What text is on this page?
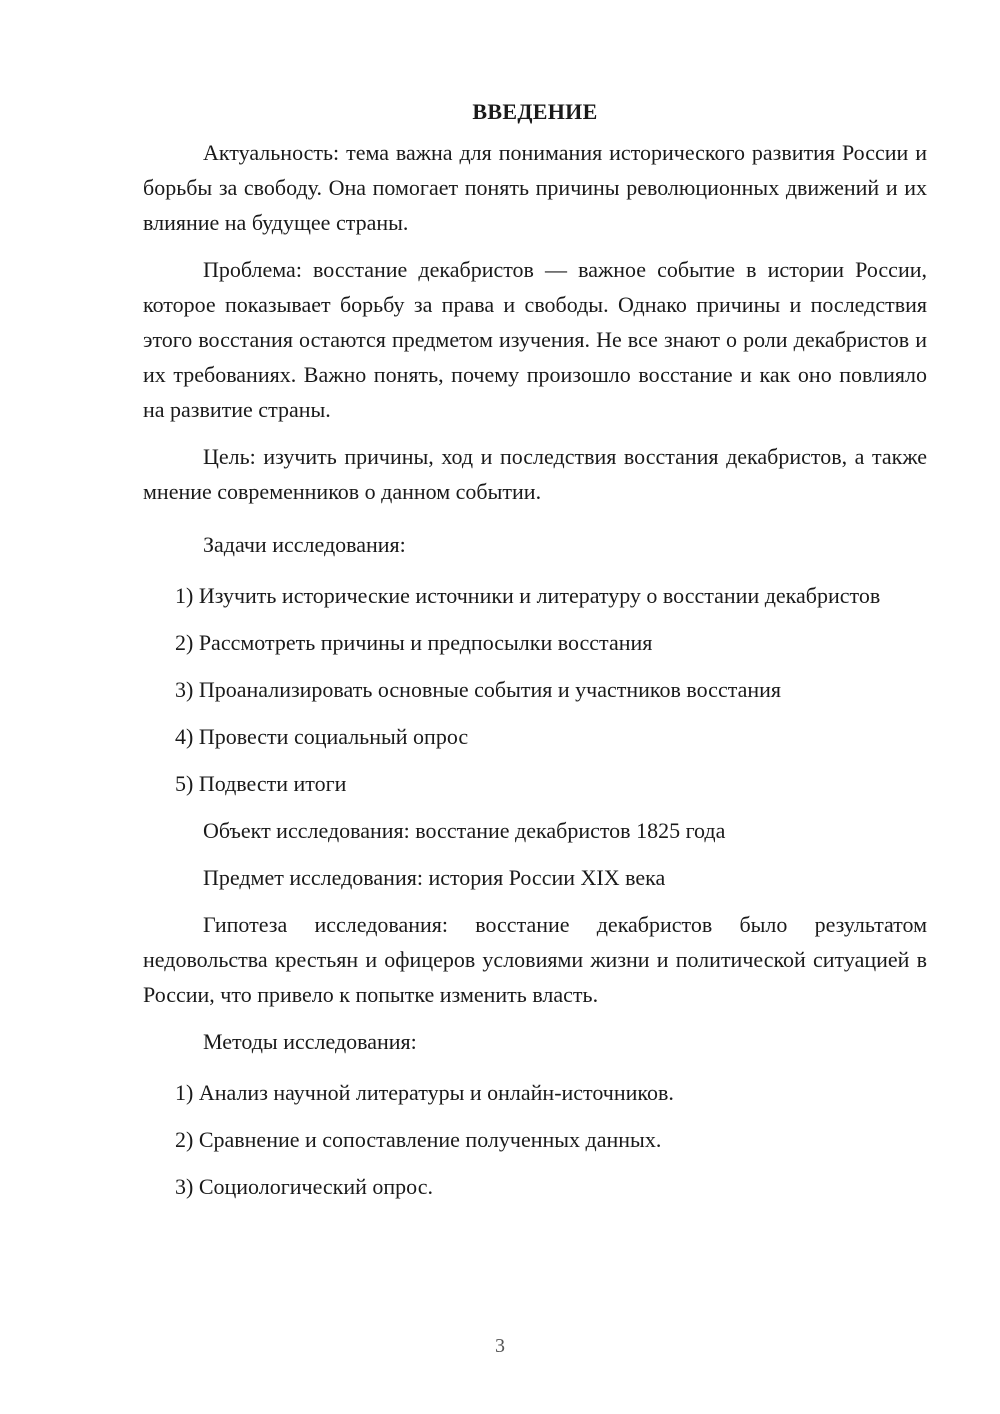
ВВЕДЕНИЕ

Актуальность: тема важна для понимания исторического развития России и борьбы за свободу. Она помогает понять причины революционных движений и их влияние на будущее страны.

Проблема: восстание декабристов — важное событие в истории России, которое показывает борьбу за права и свободы. Однако причины и последствия этого восстания остаются предметом изучения. Не все знают о роли декабристов и их требованиях. Важно понять, почему произошло восстание и как оно повлияло на развитие страны.

Цель: изучить причины, ход и последствия восстания декабристов, а также мнение современников о данном событии.

Задачи исследования:

1) Изучить исторические источники и литературу о восстании декабристов

2) Рассмотреть причины и предпосылки восстания

3) Проанализировать основные события и участников восстания

4) Провести социальный опрос

5) Подвести итоги

Объект исследования: восстание декабристов 1825 года

Предмет исследования: история России XIX века

Гипотеза исследования: восстание декабристов было результатом недовольства крестьян и офицеров условиями жизни и политической ситуацией в России, что привело к попытке изменить власть.

Методы исследования:

1) Анализ научной литературы и онлайн-источников.

2) Сравнение и сопоставление полученных данных.

3) Социологический опрос.

3
